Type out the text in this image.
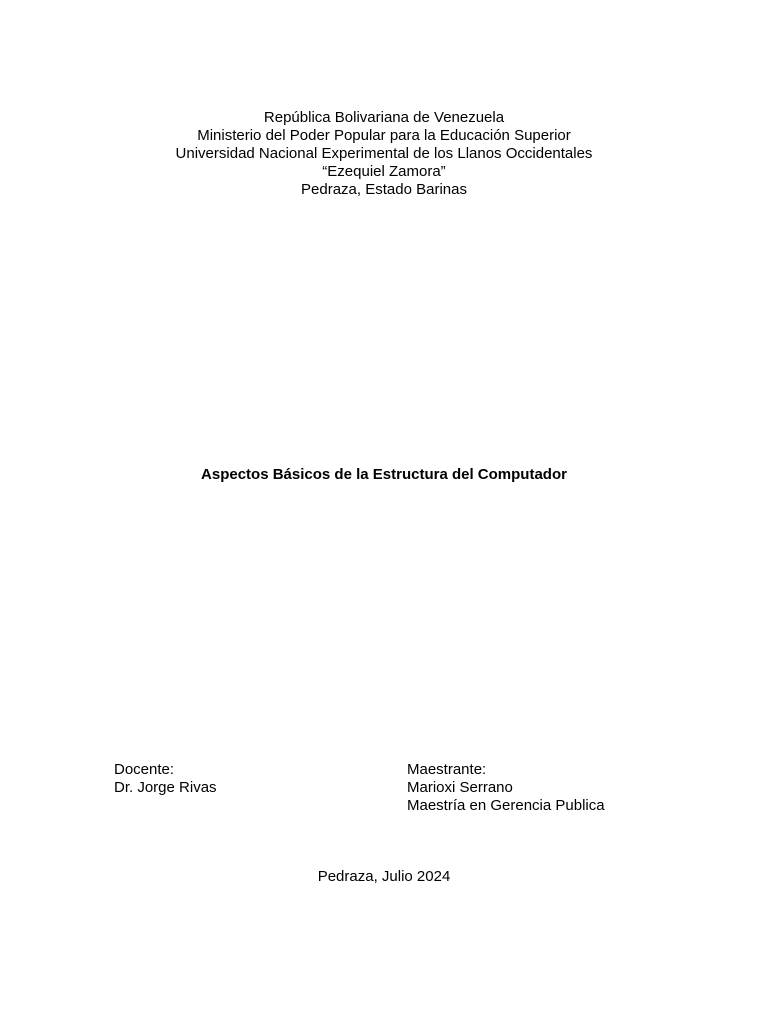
República Bolivariana de Venezuela
Ministerio del Poder Popular para la Educación Superior
Universidad Nacional Experimental de los Llanos Occidentales
“Ezequiel Zamora”
Pedraza, Estado Barinas
Aspectos Básicos de la Estructura del Computador
Docente:
Dr. Jorge Rivas
Maestrante:
Marioxi Serrano
Maestría en Gerencia Publica
Pedraza, Julio 2024
